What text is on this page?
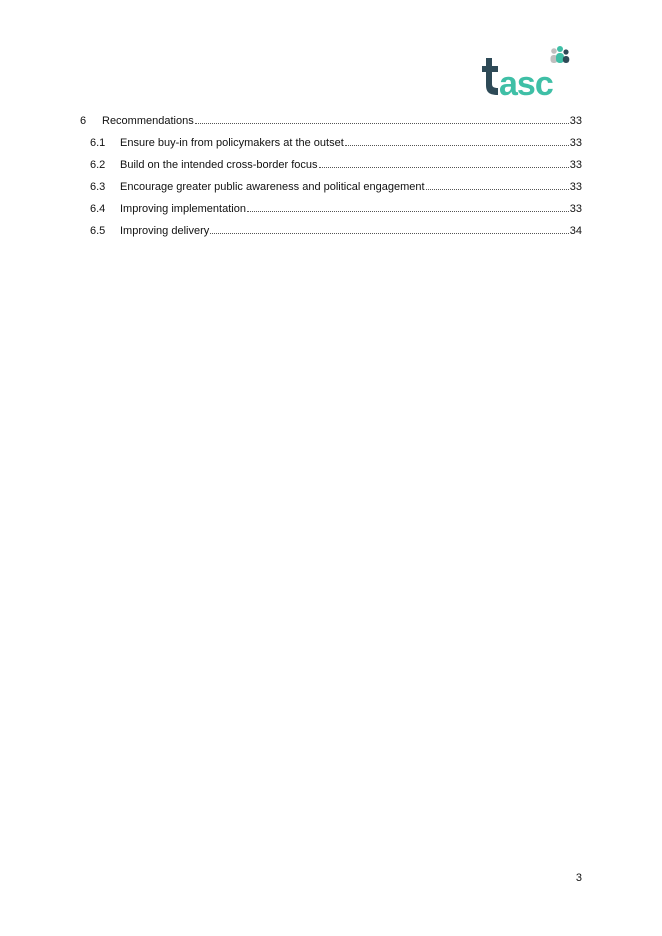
asc
6	Recommendations	33
6.1	Ensure buy-in from policymakers at the outset	33
6.2	Build on the intended cross-border focus	33
6.3	Encourage greater public awareness and political engagement	33
6.4	Improving implementation	33
6.5	Improving delivery	34
3
